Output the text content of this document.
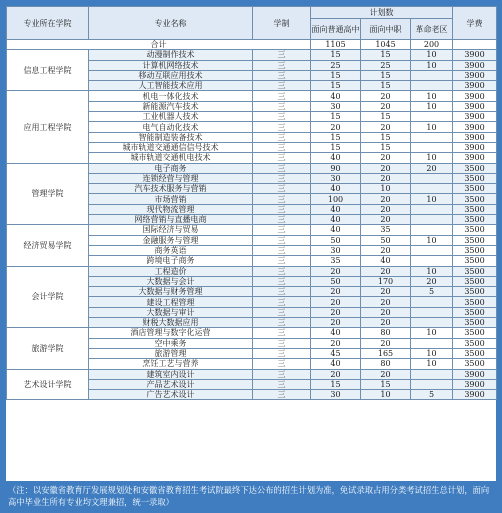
专业所在学院	专业名称	学制	计划数			学费
			面向普通高中	面向中职	革命老区	
合计			1105	1045	200	
信息工程学院	动漫制作技术	三	15	15	10	3900
	计算机网络技术	三	25	25	10	3900
	移动互联应用技术	三	15	15		3900
	人工智能技术应用	三	15	15		3900
应用工程学院	机电一体化技术	三	40	20	10	3900
	新能源汽车技术	三	30	20	10	3900
	工业机器人技术	三	15	15		3900
	电气自动化技术	三	20	20	10	3900
	智能制造装备技术	三	15	15		3900
	城市轨道交通通信信号技术	三	15	15		3900
	城市轨道交通机电技术	三	40	20	10	3900
管理学院	电子商务	三	90	20	20	3500
	连锁经营与管理	三	30	20		3500
	汽车技术服务与营销	三	40	10		3500
	市场营销	三	100	20	10	3500
	现代物流管理	三	40	20		3500
	网络营销与直播电商	三	40	20		3500
经济贸易学院	国际经济与贸易	三	40	35		3500
	金融服务与管理	三	50	50	10	3500
	商务英语	三	30	20		3500
	跨境电子商务	三	35	40		3500
会计学院	工程造价	三	20	20	10	3500
	大数据与会计	三	50	170	20	3500
	大数据与财务管理	三	20	20	5	3500
	建设工程管理	三	20	20		3500
	大数据与审计	三	20	20		3500
	财税大数据应用	三	20	20		3500
旅游学院	酒店管理与数字化运营	三	40	80	10	3500
	空中乘务	三	20	20		3500
	旅游管理	三	45	165	10	3500
	烹饪工艺与营养	三	40	80	10	3500
艺术设计学院	建筑室内设计	三	20	20		3900
	产品艺术设计	三	15	15		3900
	广告艺术设计	三	30	10	5	3900
（注：以安徽省教育厅发展规划处和安徽省教育招生考试院最终下达公布的招生计划为准，免试录取占用分类考试招生总计划，面向高中毕业生所有专业均文理兼招，统一录取）
